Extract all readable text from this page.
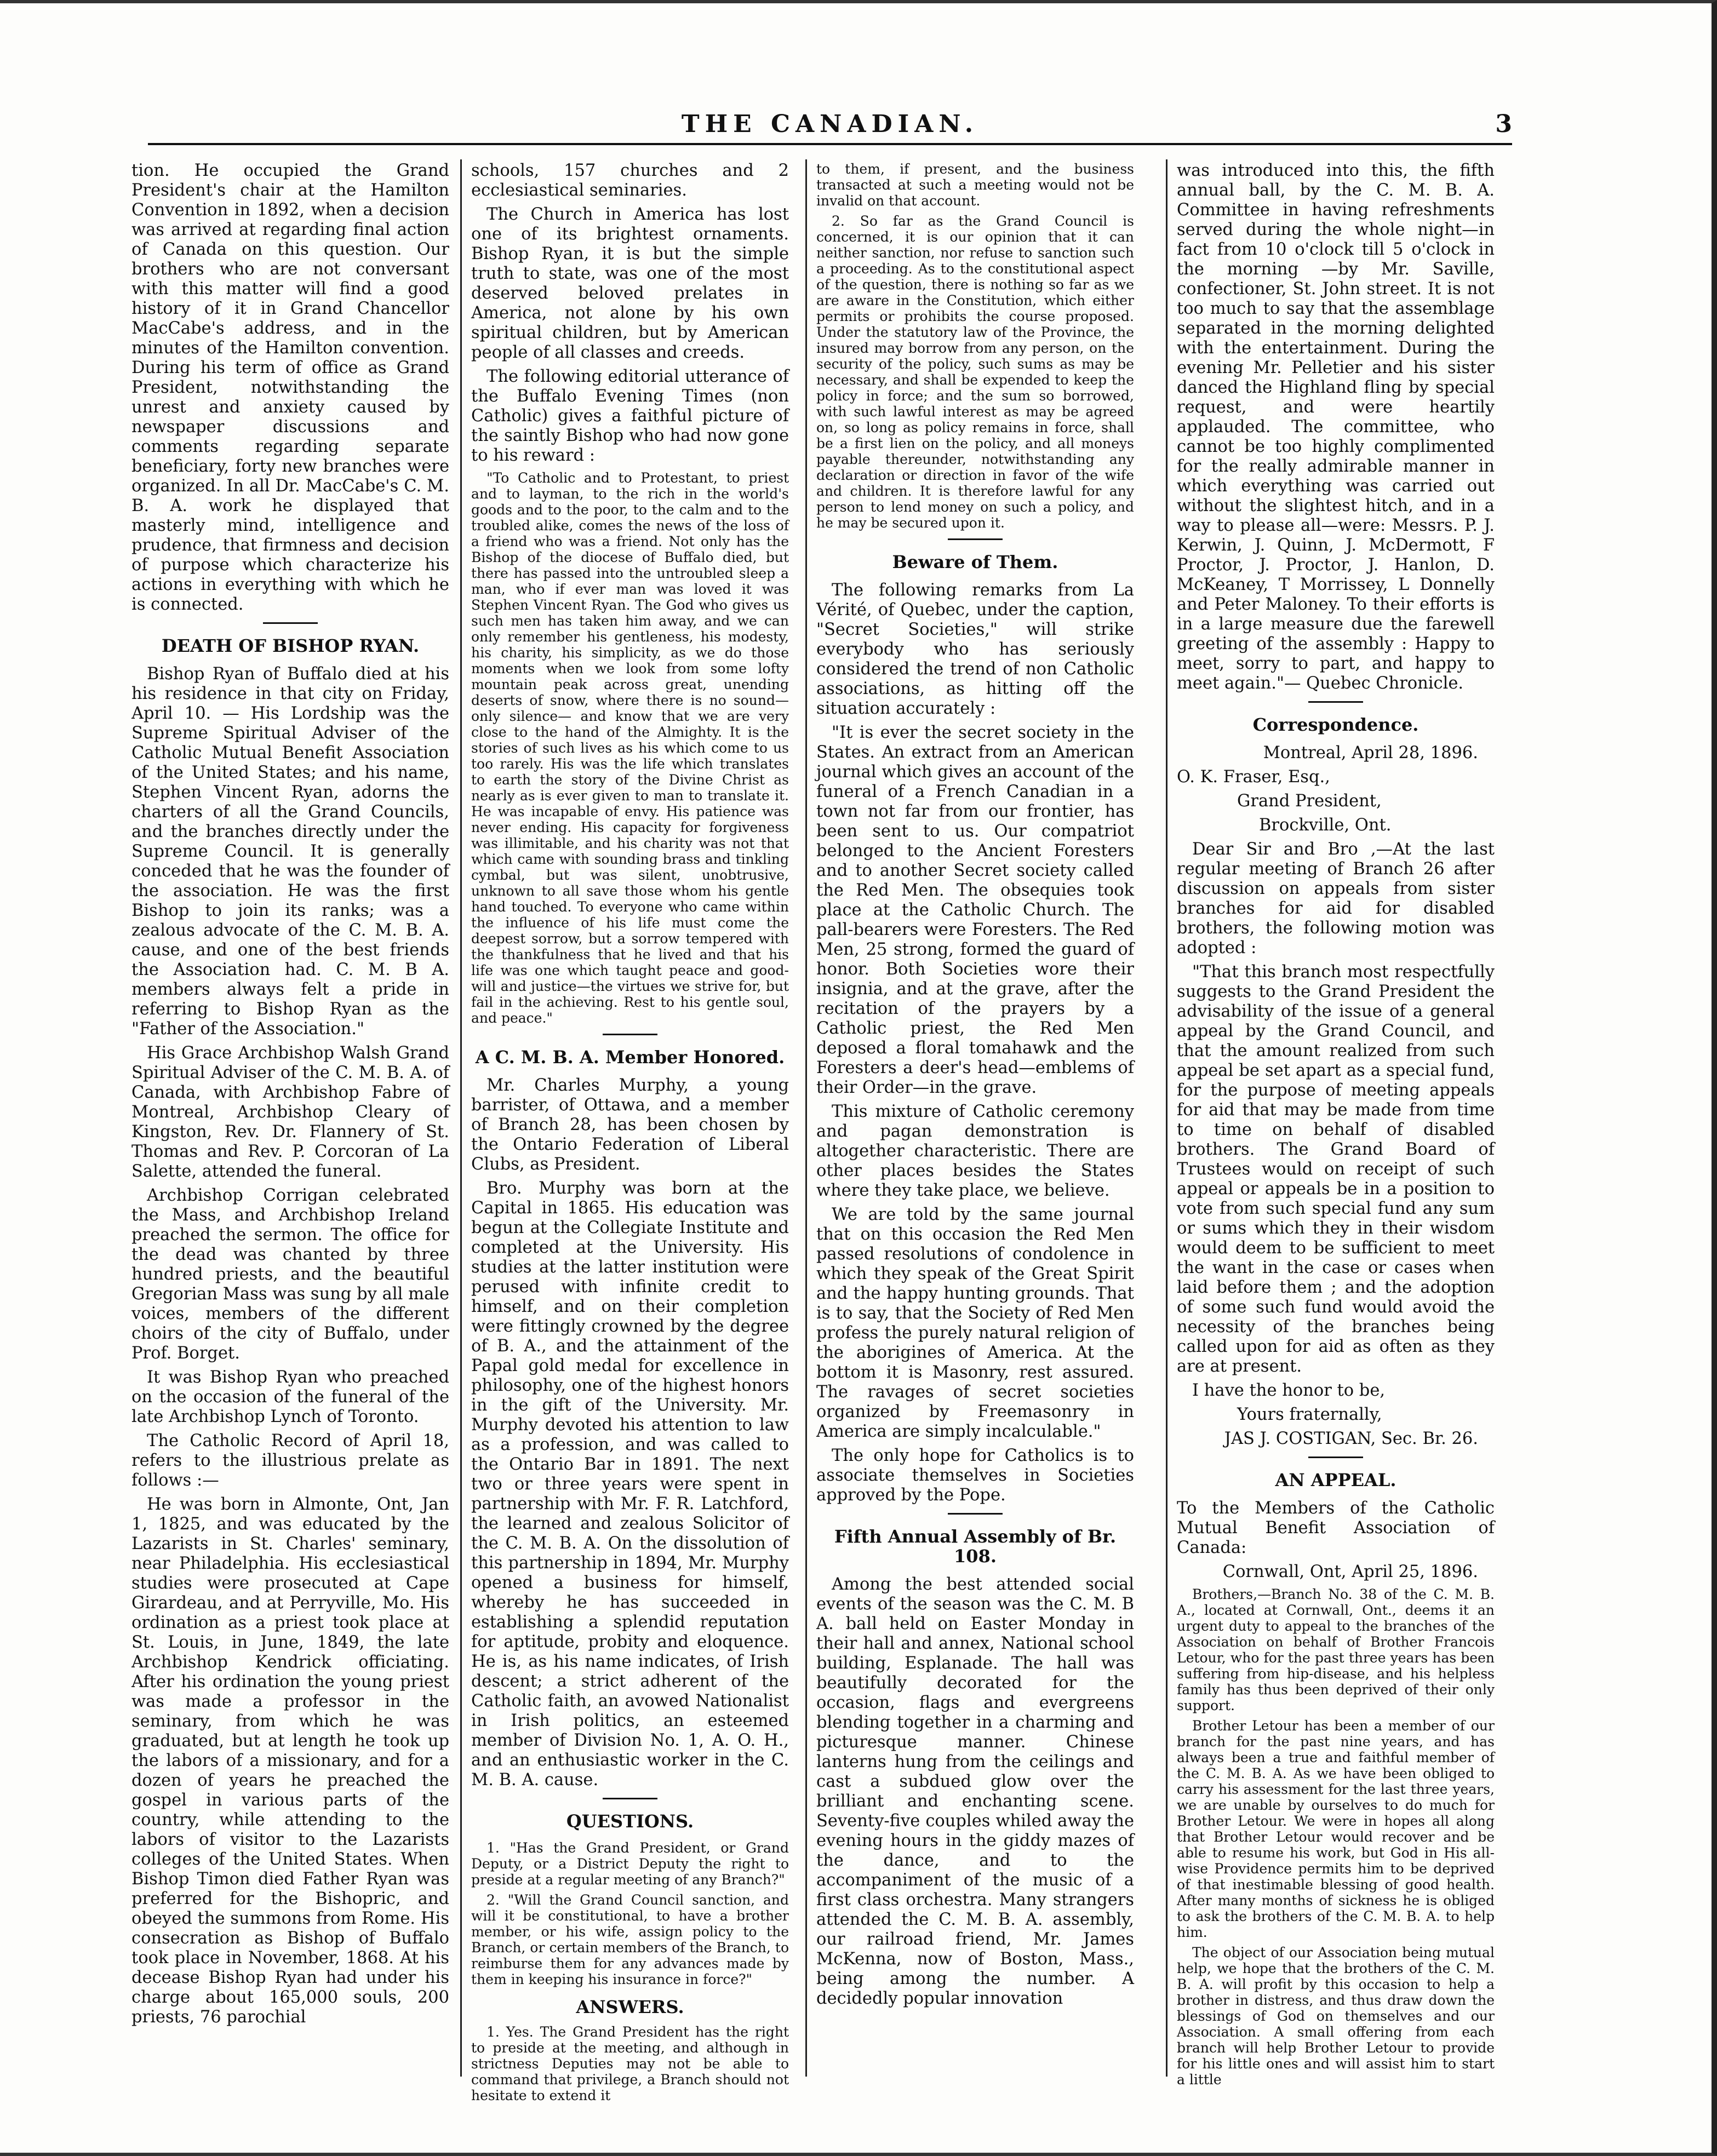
THE CANADIAN.	3

tion. He occupied the Grand President's chair at the Hamilton Convention in 1892, when a decision was arrived at regarding final action of Canada on this question. Our brothers who are not conversant with this matter will find a good history of it in Grand Chancellor MacCabe's address, and in the minutes of the Hamilton convention. During his term of office as Grand President, notwithstanding the unrest and anxiety caused by newspaper discussions and comments regarding separate beneficiary, forty new branches were organized. In all Dr. MacCabe's C. M. B. A. work he displayed that masterly mind, intelligence and prudence, that firmness and decision of purpose which characterize his actions in everything with which he is connected.

DEATH OF BISHOP RYAN.

Bishop Ryan of Buffalo died at his his residence in that city on Friday, April 10. — His Lordship was the Supreme Spiritual Adviser of the Catholic Mutual Benefit Association of the United States; and his name, Stephen Vincent Ryan, adorns the charters of all the Grand Councils, and the branches directly under the Supreme Council. It is generally conceded that he was the founder of the association. He was the first Bishop to join its ranks; was a zealous advocate of the C. M. B. A. cause, and one of the best friends the Association had. C. M. B A. members always felt a pride in referring to Bishop Ryan as the "Father of the Association."

His Grace Archbishop Walsh Grand Spiritual Adviser of the C. M. B. A. of Canada, with Archbishop Fabre of Montreal, Archbishop Cleary of Kingston, Rev. Dr. Flannery of St. Thomas and Rev. P. Corcoran of La Salette, attended the funeral.

Archbishop Corrigan celebrated the Mass, and Archbishop Ireland preached the sermon. The office for the dead was chanted by three hundred priests, and the beautiful Gregorian Mass was sung by all male voices, members of the different choirs of the city of Buffalo, under Prof. Borget.

It was Bishop Ryan who preached on the occasion of the funeral of the late Archbishop Lynch of Toronto.

The Catholic Record of April 18, refers to the illustrious prelate as follows :—

He was born in Almonte, Ont, Jan 1, 1825, and was educated by the Lazarists in St. Charles' seminary, near Philadelphia. His ecclesiastical studies were prosecuted at Cape Girardeau, and at Perryville, Mo. His ordination as a priest took place at St. Louis, in June, 1849, the late Archbishop Kendrick officiating. After his ordination the young priest was made a professor in the seminary, from which he was graduated, but at length he took up the labors of a missionary, and for a dozen of years he preached the gospel in various parts of the country, while attending to the labors of visitor to the Lazarists colleges of the United States. When Bishop Timon died Father Ryan was preferred for the Bishopric, and obeyed the summons from Rome. His consecration as Bishop of Buffalo took place in November, 1868. At his decease Bishop Ryan had under his charge about 165,000 souls, 200 priests, 76 parochial

schools, 157 churches and 2 ecclesiastical seminaries.

The Church in America has lost one of its brightest ornaments. Bishop Ryan, it is but the simple truth to state, was one of the most deserved beloved prelates in America, not alone by his own spiritual children, but by American people of all classes and creeds.

The following editorial utterance of the Buffalo Evening Times (non Catholic) gives a faithful picture of the saintly Bishop who had now gone to his reward :

"To Catholic and to Protestant, to priest and to layman, to the rich in the world's goods and to the poor, to the calm and to the troubled alike, comes the news of the loss of a friend who was a friend. Not only has the Bishop of the diocese of Buffalo died, but there has passed into the untroubled sleep a man, who if ever man was loved it was Stephen Vincent Ryan. The God who gives us such men has taken him away, and we can only remember his gentleness, his modesty, his charity, his simplicity, as we do those moments when we look from some lofty mountain peak across great, unending deserts of snow, where there is no sound—only silence— and know that we are very close to the hand of the Almighty. It is the stories of such lives as his which come to us too rarely. His was the life which translates to earth the story of the Divine Christ as nearly as is ever given to man to translate it. He was incapable of envy. His patience was never ending. His capacity for forgiveness was illimitable, and his charity was not that which came with sounding brass and tinkling cymbal, but was silent, unobtrusive, unknown to all save those whom his gentle hand touched. To everyone who came within the influence of his life must come the deepest sorrow, but a sorrow tempered with the thankfulness that he lived and that his life was one which taught peace and good-will and justice—the virtues we strive for, but fail in the achieving. Rest to his gentle soul, and peace."

A C. M. B. A. Member Honored.

Mr. Charles Murphy, a young barrister, of Ottawa, and a member of Branch 28, has been chosen by the Ontario Federation of Liberal Clubs, as President.

Bro. Murphy was born at the Capital in 1865. His education was begun at the Collegiate Institute and completed at the University. His studies at the latter institution were perused with infinite credit to himself, and on their completion were fittingly crowned by the degree of B. A., and the attainment of the Papal gold medal for excellence in philosophy, one of the highest honors in the gift of the University. Mr. Murphy devoted his attention to law as a profession, and was called to the Ontario Bar in 1891. The next two or three years were spent in partnership with Mr. F. R. Latchford, the learned and zealous Solicitor of the C. M. B. A. On the dissolution of this partnership in 1894, Mr. Murphy opened a business for himself, whereby he has succeeded in establishing a splendid reputation for aptitude, probity and eloquence. He is, as his name indicates, of Irish descent; a strict adherent of the Catholic faith, an avowed Nationalist in Irish politics, an esteemed member of Division No. 1, A. O. H., and an enthusiastic worker in the C. M. B. A. cause.

QUESTIONS.

1. "Has the Grand President, or Grand Deputy, or a District Deputy the right to preside at a regular meeting of any Branch?"

2. "Will the Grand Council sanction, and will it be constitutional, to have a brother member, or his wife, assign policy to the Branch, or certain members of the Branch, to reimburse them for any advances made by them in keeping his insurance in force?"

ANSWERS.

1. Yes. The Grand President has the right to preside at the meeting, and although in strictness Deputies may not be able to command that privilege, a Branch should not hesitate to extend it

to them, if present, and the business transacted at such a meeting would not be invalid on that account.

2. So far as the Grand Council is concerned, it is our opinion that it can neither sanction, nor refuse to sanction such a proceeding. As to the constitutional aspect of the question, there is nothing so far as we are aware in the Constitution, which either permits or prohibits the course proposed. Under the statutory law of the Province, the insured may borrow from any person, on the security of the policy, such sums as may be necessary, and shall be expended to keep the policy in force; and the sum so borrowed, with such lawful interest as may be agreed on, so long as policy remains in force, shall be a first lien on the policy, and all moneys payable thereunder, notwithstanding any declaration or direction in favor of the wife and children. It is therefore lawful for any person to lend money on such a policy, and he may be secured upon it.

Beware of Them.

The following remarks from La Vérité, of Quebec, under the caption, "Secret Societies," will strike everybody who has seriously considered the trend of non Catholic associations, as hitting off the situation accurately :

"It is ever the secret society in the States. An extract from an American journal which gives an account of the funeral of a French Canadian in a town not far from our frontier, has been sent to us. Our compatriot belonged to the Ancient Foresters and to another Secret society called the Red Men. The obsequies took place at the Catholic Church. The pall-bearers were Foresters. The Red Men, 25 strong, formed the guard of honor. Both Societies wore their insignia, and at the grave, after the recitation of the prayers by a Catholic priest, the Red Men deposed a floral tomahawk and the Foresters a deer's head—emblems of their Order—in the grave.

This mixture of Catholic ceremony and pagan demonstration is altogether characteristic. There are other places besides the States where they take place, we believe.

We are told by the same journal that on this occasion the Red Men passed resolutions of condolence in which they speak of the Great Spirit and the happy hunting grounds. That is to say, that the Society of Red Men profess the purely natural religion of the aborigines of America. At the bottom it is Masonry, rest assured. The ravages of secret societies organized by Freemasonry in America are simply incalculable."

The only hope for Catholics is to associate themselves in Societies approved by the Pope.

Fifth Annual Assembly of Br. 108.

Among the best attended social events of the season was the C. M. B A. ball held on Easter Monday in their hall and annex, National school building, Esplanade. The hall was beautifully decorated for the occasion, flags and evergreens blending together in a charming and picturesque manner. Chinese lanterns hung from the ceilings and cast a subdued glow over the brilliant and enchanting scene. Seventy-five couples whiled away the evening hours in the giddy mazes of the dance, and to the accompaniment of the music of a first class orchestra. Many strangers attended the C. M. B. A. assembly, our railroad friend, Mr. James McKenna, now of Boston, Mass., being among the number. A decidedly popular innovation

was introduced into this, the fifth annual ball, by the C. M. B. A. Committee in having refreshments served during the whole night—in fact from 10 o'clock till 5 o'clock in the morning —by Mr. Saville, confectioner, St. John street. It is not too much to say that the assemblage separated in the morning delighted with the entertainment. During the evening Mr. Pelletier and his sister danced the Highland fling by special request, and were heartily applauded. The committee, who cannot be too highly complimented for the really admirable manner in which everything was carried out without the slightest hitch, and in a way to please all—were: Messrs. P. J. Kerwin, J. Quinn, J. McDermott, F Proctor, J. Proctor, J. Hanlon, D. McKeaney, T Morrissey, L Donnelly and Peter Maloney. To their efforts is in a large measure due the farewell greeting of the assembly : Happy to meet, sorry to part, and happy to meet again."— Quebec Chronicle.

Correspondence.

Montreal, April 28, 1896.

O. K. Fraser, Esq.,

Grand President,

Brockville, Ont.

Dear Sir and Bro ,—At the last regular meeting of Branch 26 after discussion on appeals from sister branches for aid for disabled brothers, the following motion was adopted :

"That this branch most respectfully suggests to the Grand President the advisability of the issue of a general appeal by the Grand Council, and that the amount realized from such appeal be set apart as a special fund, for the purpose of meeting appeals for aid that may be made from time to time on behalf of disabled brothers. The Grand Board of Trustees would on receipt of such appeal or appeals be in a position to vote from such special fund any sum or sums which they in their wisdom would deem to be sufficient to meet the want in the case or cases when laid before them ; and the adoption of some such fund would avoid the necessity of the branches being called upon for aid as often as they are at present.

I have the honor to be,

Yours fraternally,

JAS J. COSTIGAN, Sec. Br. 26.

AN APPEAL.

To the Members of the Catholic Mutual Benefit Association of Canada:

Cornwall, Ont, April 25, 1896.

Brothers,—Branch No. 38 of the C. M. B. A., located at Cornwall, Ont., deems it an urgent duty to appeal to the branches of the Association on behalf of Brother Francois Letour, who for the past three years has been suffering from hip-disease, and his helpless family has thus been deprived of their only support.

Brother Letour has been a member of our branch for the past nine years, and has always been a true and faithful member of the C. M. B. A. As we have been obliged to carry his assessment for the last three years, we are unable by ourselves to do much for Brother Letour. We were in hopes all along that Brother Letour would recover and be able to resume his work, but God in His all-wise Providence permits him to be deprived of that inestimable blessing of good health. After many months of sickness he is obliged to ask the brothers of the C. M. B. A. to help him.

The object of our Association being mutual help, we hope that the brothers of the C. M. B. A. will profit by this occasion to help a brother in distress, and thus draw down the blessings of God on themselves and our Association. A small offering from each branch will help Brother Letour to provide for his little ones and will assist him to start a little
